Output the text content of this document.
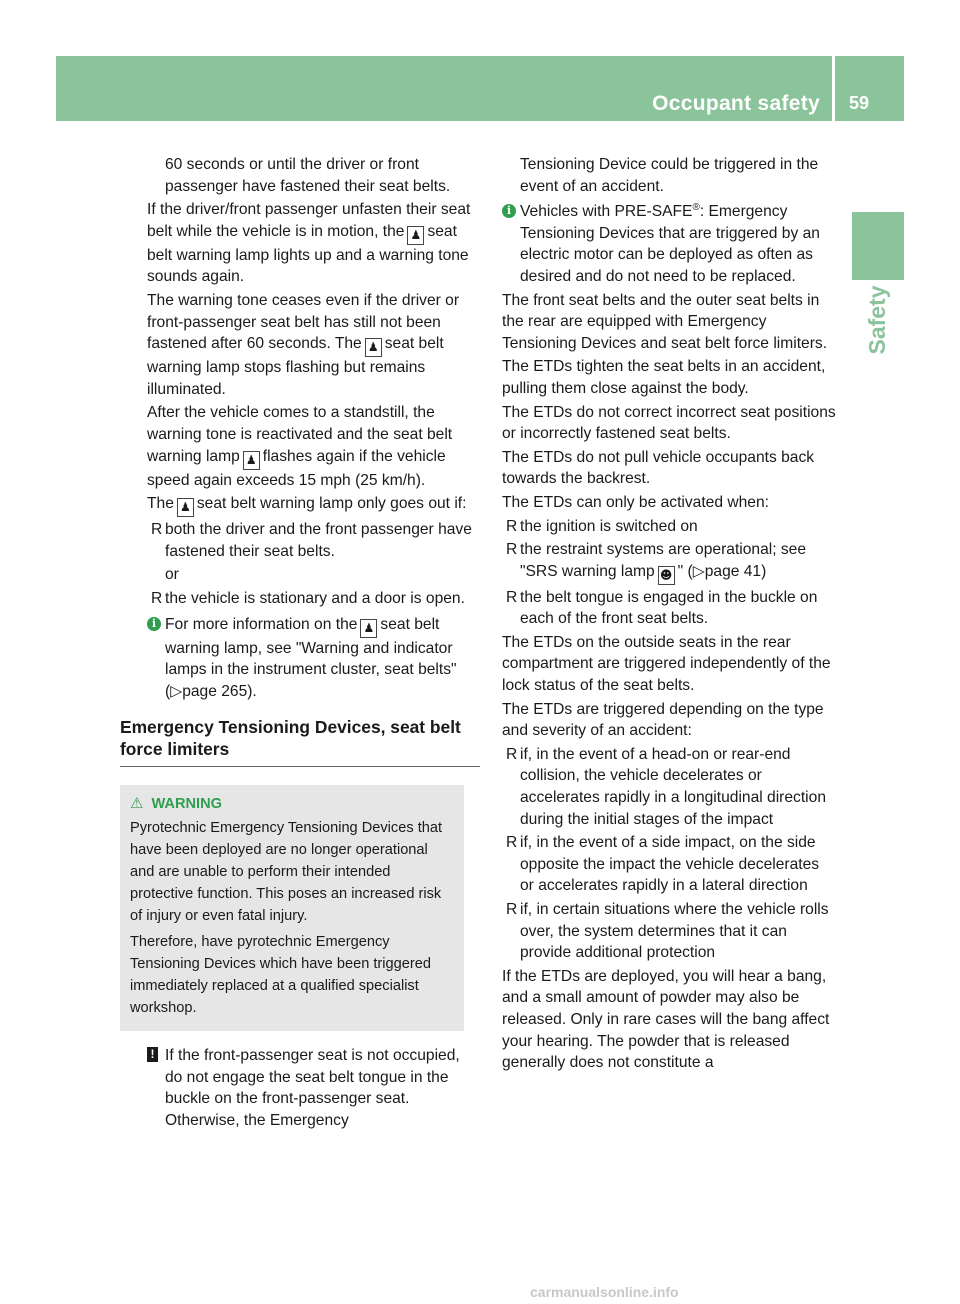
Occupant safety 59
Safety

60 seconds or until the driver or front passenger have fastened their seat belts.

If the driver/front passenger unfasten their seat belt while the vehicle is in motion, the ♟ seat belt warning lamp lights up and a warning tone sounds again.

The warning tone ceases even if the driver or front-passenger seat belt has still not been fastened after 60 seconds. The ♟ seat belt warning lamp stops flashing but remains illuminated.

After the vehicle comes to a standstill, the warning tone is reactivated and the seat belt warning lamp ♟ flashes again if the vehicle speed again exceeds 15 mph (25 km/h).

The ♟ seat belt warning lamp only goes out if:

R both the driver and the front passenger have fastened their seat belts.

or

R the vehicle is stationary and a door is open.
i For more information on the ♟ seat belt warning lamp, see "Warning and indicator lamps in the instrument cluster, seat belts" (▷page 265).
Emergency Tensioning Devices, seat belt force limiters
⚠ WARNING

Pyrotechnic Emergency Tensioning Devices that have been deployed are no longer operational and are unable to perform their intended protective function. This poses an increased risk of injury or even fatal injury.

Therefore, have pyrotechnic Emergency Tensioning Devices which have been triggered immediately replaced at a qualified specialist workshop.

! If the front-passenger seat is not occupied, do not engage the seat belt tongue in the buckle on the front-passenger seat. Otherwise, the Emergency

Tensioning Device could be triggered in the event of an accident.

i Vehicles with PRE-SAFE®: Emergency Tensioning Devices that are triggered by an electric motor can be deployed as often as desired and do not need to be replaced.

The front seat belts and the outer seat belts in the rear are equipped with Emergency Tensioning Devices and seat belt force limiters.

The ETDs tighten the seat belts in an accident, pulling them close against the body.

The ETDs do not correct incorrect seat positions or incorrectly fastened seat belts.

The ETDs do not pull vehicle occupants back towards the backrest.

The ETDs can only be activated when:

R the ignition is switched on
R the restraint systems are operational; see "SRS warning lamp ☻ " (▷page 41)
R the belt tongue is engaged in the buckle on each of the front seat belts.

The ETDs on the outside seats in the rear compartment are triggered independently of the lock status of the seat belts.

The ETDs are triggered depending on the type and severity of an accident:

R if, in the event of a head-on or rear-end collision, the vehicle decelerates or accelerates rapidly in a longitudinal direction during the initial stages of the impact
R if, in the event of a side impact, on the side opposite the impact the vehicle decelerates or accelerates rapidly in a lateral direction
R if, in certain situations where the vehicle rolls over, the system determines that it can provide additional protection

If the ETDs are deployed, you will hear a bang, and a small amount of powder may also be released. Only in rare cases will the bang affect your hearing. The powder that is released generally does not constitute a

carmanualsonline.info
